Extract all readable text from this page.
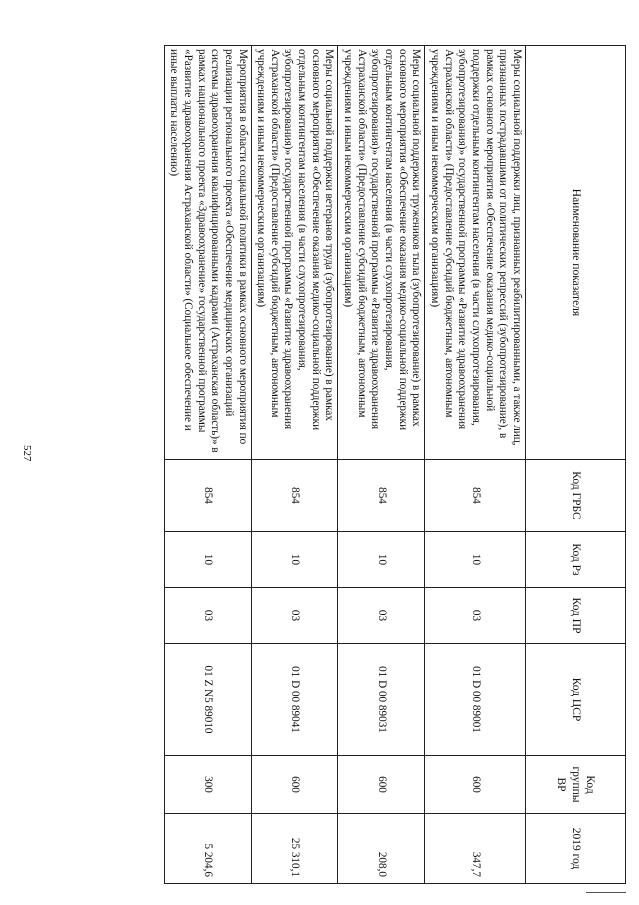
527
Наименование показателя	Код ГРБС	Код Рз	Код ПР	Код ЦСР	Код группы ВР	2019 год
Меры социальной поддержки лиц, признанных реабилитированными, а также лиц, признанных пострадавшими от политических репрессий (зубопротезирование), в рамках основного мероприятия «Обеспечение оказания медико-социальной поддержки отдельным контингентам населения (в части слухопротезирования, зубопротезирования)» государственной программы «Развитие здравоохранения Астраханской области» (Предоставление субсидий бюджетным, автономным учреждениям и иным некоммерческим организациям)	854	10	03	01 D 00 89001	600	347,7
Меры социальной поддержки тружеников тыла (зубопротезирование) в рамках основного мероприятия «Обеспечение оказания медико-социальной поддержки отдельным контингентам населения (в части слухопротезирования, зубопротезирования)» государственной программы «Развитие здравоохранения Астраханской области» (Предоставление субсидий бюджетным, автономным учреждениям и иным некоммерческим организациям)	854	10	03	01 D 00 89031	600	208,0
Меры социальной поддержки ветеранов труда (зубопротезирование) в рамках основного мероприятия «Обеспечение оказания медико-социальной поддержки отдельным контингентам населения (в части слухопротезирования, зубопротезирования)» государственной программы «Развитие здравоохранения Астраханской области» (Предоставление субсидий бюджетным, автономным учреждениям и иным некоммерческим организациям)	854	10	03	01 D 00 89041	600	25 310,1
Мероприятия в области социальной политики в рамках основного мероприятия по реализации регионального проекта «Обеспечение медицинских организаций системы здравоохранения квалифицированными кадрами (Астраханская область)» в рамках национального проекта «Здравоохранение» государственной программы «Развитие здравоохранения Астраханской области» (Социальное обеспечение и иные выплаты населению)	854	10	03	01 Z N5 89010	300	5 204,6
